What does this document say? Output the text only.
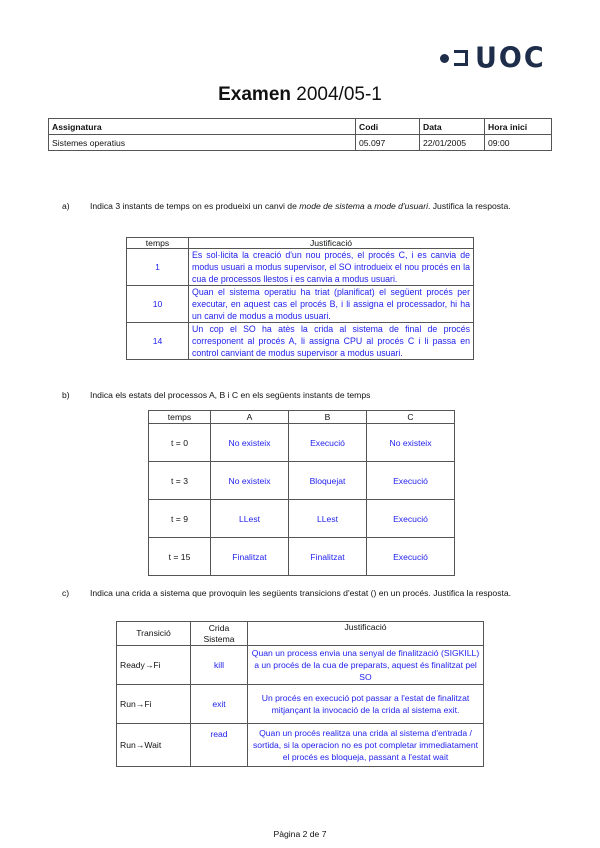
UOC
Examen 2004/05-1
Assignatura	Codi	Data	Hora inici
Sistemes operatius	05.097	22/01/2005	09:00
a) Indica 3 instants de temps on es produeixi un canvi de mode de sistema a mode d'usuari. Justifica la resposta.
temps	Justificació
1	Es sol·licita la creació d'un nou procés, el procés C, i es canvia de modus usuari a modus supervisor, el SO introdueix el nou procés en la cua de processos llestos i es canvia a modus usuari.
10	Quan el sistema operatiu ha triat (planificat) el següent procés per executar, en aquest cas el procés B, i li assigna el processador, hi ha un canvi de modus a modus usuari.
14	Un cop el SO ha atès la crida al sistema de final de procés corresponent al procés A, li assigna CPU al procés C i li passa en control canviant de modus supervisor a modus usuari.
b) Indica els estats del processos A, B i C en els següents instants de temps
temps	A	B	C
t = 0	No existeix	Execució	No existeix
t = 3	No existeix	Bloquejat	Execució
t = 9	LLest	LLest	Execució
t = 15	Finalitzat	Finalitzat	Execució
c) Indica una crida a sistema que provoquin les següents transicions d'estat () en un procés. Justifica la resposta.
Transició	Crida Sistema	Justificació
Ready→Fi	kill	Quan un process envia una senyal de finalització (SIGKILL) a un procés de la cua de preparats, aquest és finalitzat pel SO
Run→Fi	exit	Un procés en execució pot passar a l'estat de finalitzat mitjançant la invocació de la crida al sistema exit.
Run→Wait	read	Quan un procés realitza una crida al sistema d'entrada / sortida, si la operacion no es pot completar immediatament el procés es bloqueja, passant a l'estat wait
Pàgina 2 de 7
